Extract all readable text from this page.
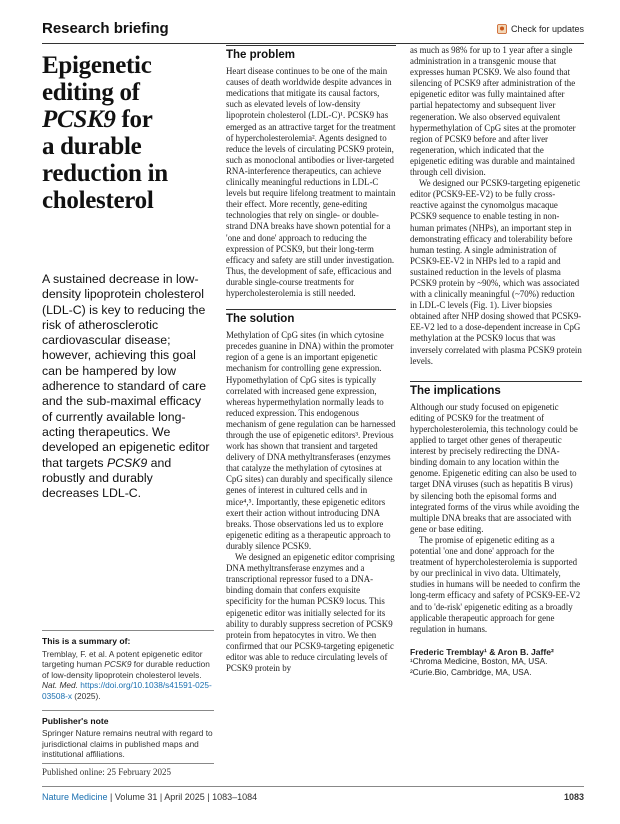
Research briefing	Check for updates
Epigenetic
editing of
PCSK9 for
a durable
reduction in
cholesterol
A sustained decrease in low-density lipoprotein cholesterol (LDL-C) is key to reducing the risk of atherosclerotic cardiovascular disease; however, achieving this goal can be hampered by low adherence to standard of care and the sub-maximal efficacy of currently available long-acting therapeutics. We developed an epigenetic editor that targets PCSK9 and robustly and durably decreases LDL-C.
This is a summary of:

Tremblay, F. et al. A potent epigenetic editor targeting human PCSK9 for durable reduction of low-density lipoprotein cholesterol levels. Nat. Med. https://doi.org/10.1038/s41591-025-03508-x (2025).

Publisher's note

Springer Nature remains neutral with regard to jurisdictional claims in published maps and institutional affiliations.

Published online: 25 February 2025
The problem

Heart disease continues to be one of the main causes of death worldwide despite advances in medications that mitigate its causal factors, such as elevated levels of low-density lipoprotein cholesterol (LDL-C)¹. PCSK9 has emerged as an attractive target for the treatment of hypercholesterolemia². Agents designed to reduce the levels of circulating PCSK9 protein, such as monoclonal antibodies or liver-targeted RNA-interference therapeutics, can achieve clinically meaningful reductions in LDL-C levels but require lifelong treatment to maintain their effect. More recently, gene-editing technologies that rely on single- or double-strand DNA breaks have shown potential for a 'one and done' approach to reducing the expression of PCSK9, but their long-term efficacy and safety are still under investigation. Thus, the development of safe, efficacious and durable single-course treatments for hypercholesterolemia is still needed.

The solution

Methylation of CpG sites (in which cytosine precedes guanine in DNA) within the promoter region of a gene is an important epigenetic mechanism for controlling gene expression. Hypomethylation of CpG sites is typically correlated with increased gene expression, whereas hypermethylation normally leads to reduced expression. This endogenous mechanism of gene regulation can be harnessed through the use of epigenetic editors³. Previous work has shown that transient and targeted delivery of DNA methyltransferases (enzymes that catalyze the methylation of cytosines at CpG sites) can durably and specifically silence genes of interest in cultured cells and in mice⁴,⁵. Importantly, these epigenetic editors exert their action without introducing DNA breaks. Those observations led us to explore epigenetic editing as a therapeutic approach to durably silence PCSK9.

We designed an epigenetic editor comprising DNA methyltransferase enzymes and a transcriptional repressor fused to a DNA-binding domain that confers exquisite specificity for the human PCSK9 locus. This epigenetic editor was initially selected for its ability to durably suppress secretion of PCSK9 protein from hepatocytes in vitro. We then confirmed that our PCSK9-targeting epigenetic editor was able to reduce circulating levels of PCSK9 protein by

as much as 98% for up to 1 year after a single administration in a transgenic mouse that expresses human PCSK9. We also found that silencing of PCSK9 after administration of the epigenetic editor was fully maintained after partial hepatectomy and subsequent liver regeneration. We also observed equivalent hypermethylation of CpG sites at the promoter region of PCSK9 before and after liver regeneration, which indicated that the epigenetic editing was durable and maintained through cell division.

We designed our PCSK9-targeting epigenetic editor (PCSK9-EE-V2) to be fully cross-reactive against the cynomolgus macaque PCSK9 sequence to enable testing in non-human primates (NHPs), an important step in demonstrating efficacy and tolerability before human testing. A single administration of PCSK9-EE-V2 in NHPs led to a rapid and sustained reduction in the levels of plasma PCSK9 protein by ~90%, which was associated with a clinically meaningful (~70%) reduction in LDL-C levels (Fig. 1). Liver biopsies obtained after NHP dosing showed that PCSK9-EE-V2 led to a dose-dependent increase in CpG methylation at the PCSK9 locus that was inversely correlated with plasma PCSK9 protein levels.

The implications

Although our study focused on epigenetic editing of PCSK9 for the treatment of hypercholesterolemia, this technology could be applied to target other genes of therapeutic interest by precisely redirecting the DNA-binding domain to any location within the genome. Epigenetic editing can also be used to target DNA viruses (such as hepatitis B virus) by silencing both the episomal forms and integrated forms of the virus while avoiding the multiple DNA breaks that are associated with gene or base editing.

The promise of epigenetic editing as a potential 'one and done' approach for the treatment of hypercholesterolemia is supported by our preclinical in vivo data. Ultimately, studies in humans will be needed to confirm the long-term efficacy and safety of PCSK9-EE-V2 and to 'de-risk' epigenetic editing as a broadly applicable therapeutic approach for gene regulation in humans.

Frederic Tremblay¹ & Aron B. Jaffe²
¹Chroma Medicine, Boston, MA, USA.
²Curie.Bio, Cambridge, MA, USA.
Nature Medicine | Volume 31 | April 2025 | 1083–1084	1083
